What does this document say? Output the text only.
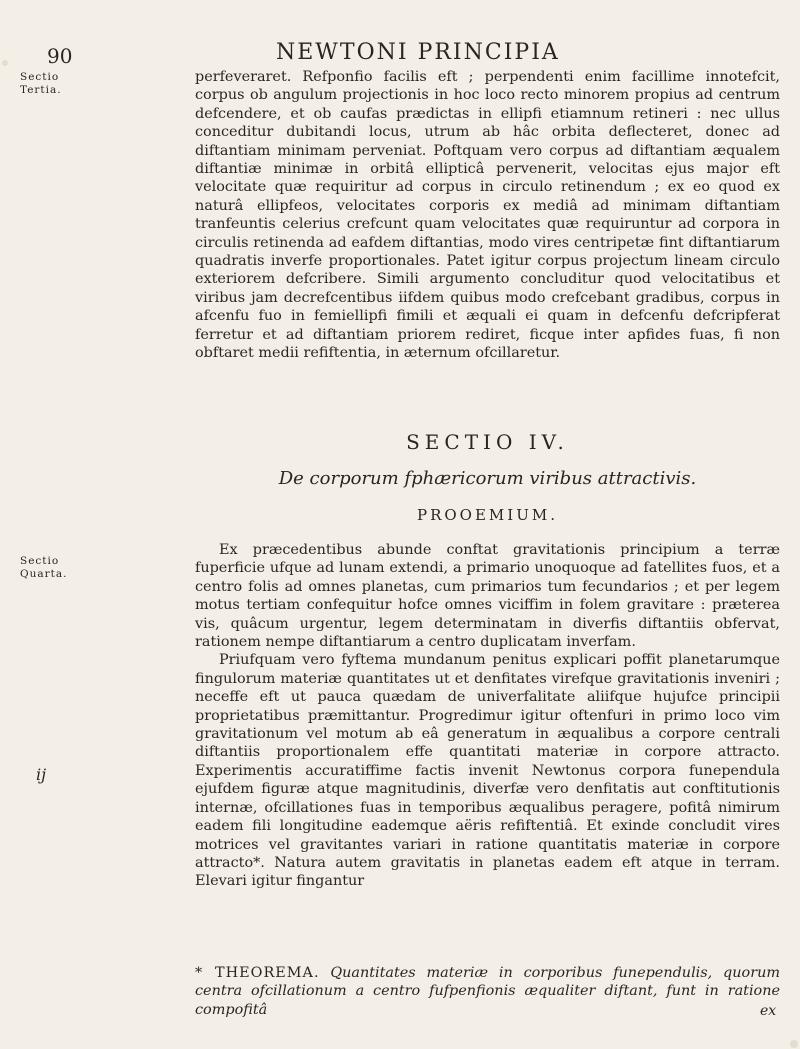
90	NEWTONI PRINCIPIA
Sectio Tertia.
Sectio Quarta.
ij

perfeveraret. Refponfio facilis eft ; perpendenti enim facillime innotefcit, corpus ob angulum projectionis in hoc loco recto minorem propius ad centrum defcendere, et ob caufas prædictas in ellipfi etiamnum retineri : nec ullus conceditur dubitandi locus, utrum ab hâc orbita deflecteret, donec ad diftantiam minimam perveniat. Poftquam vero corpus ad diftantiam æqualem diftantiæ minimæ in orbitâ ellipticâ pervenerit, velocitas ejus major eft velocitate quæ requiritur ad corpus in circulo retinendum ; ex eo quod ex naturâ ellipfeos, velocitates corporis ex mediâ ad minimam diftantiam tranfeuntis celerius crefcunt quam velocitates quæ requiruntur ad corpora in circulis retinenda ad eafdem diftantias, modo vires centripetæ fint diftantiarum quadratis inverfe proportionales. Patet igitur corpus projectum lineam circulo exteriorem defcribere. Simili argumento concluditur quod velocitatibus et viribus jam decrefcentibus iifdem quibus modo crefcebant gradibus, corpus in afcenfu fuo in femiellipfi fimili et æquali ei quam in defcenfu defcripferat ferretur et ad diftantiam priorem rediret, ficque inter apfides fuas, fi non obftaret medii refiftentia, in æternum ofcillaretur.

SECTIO IV.
De corporum fphæricorum viribus attractivis.
PROOEMIUM.

Ex præcedentibus abunde conftat gravitationis principium a terræ fuperficie ufque ad lunam extendi, a primario unoquoque ad fatellites fuos, et a centro folis ad omnes planetas, cum primarios tum fecundarios ; et per legem motus tertiam confequitur hofce omnes viciffim in folem gravitare : præterea vis, quâcum urgentur, legem determinatam in diverfis diftantiis obfervat, rationem nempe diftantiarum a centro duplicatam inverfam.

Priufquam vero fyftema mundanum penitus explicari poffit planetarumque fingulorum materiæ quantitates ut et denfitates virefque gravitationis inveniri ; neceffe eft ut pauca quædam de univerfalitate aliifque hujufce principii proprietatibus præmittantur. Progredimur igitur oftenfuri in primo loco vim gravitationum vel motum ab eâ generatum in æqualibus a corpore centrali diftantiis proportionalem effe quantitati materiæ in corpore attracto. Experimentis accuratiffime factis invenit Newtonus corpora funependula ejufdem figuræ atque magnitudinis, diverfæ vero denfitatis aut conftitutionis internæ, ofcillationes fuas in temporibus æqualibus peragere, pofitâ nimirum eadem fili longitudine eademque aëris refiftentiâ. Et exinde concludit vires motrices vel gravitantes variari in ratione quantitatis materiæ in corpore attracto*. Natura autem gravitatis in planetas eadem eft atque in terram. Elevari igitur fingantur

* THEOREMA. Quantitates materiæ in corporibus funependulis, quorum centra ofcillationum a centro fufpenfionis æqualiter diftant, funt in ratione compofitâ	ex
